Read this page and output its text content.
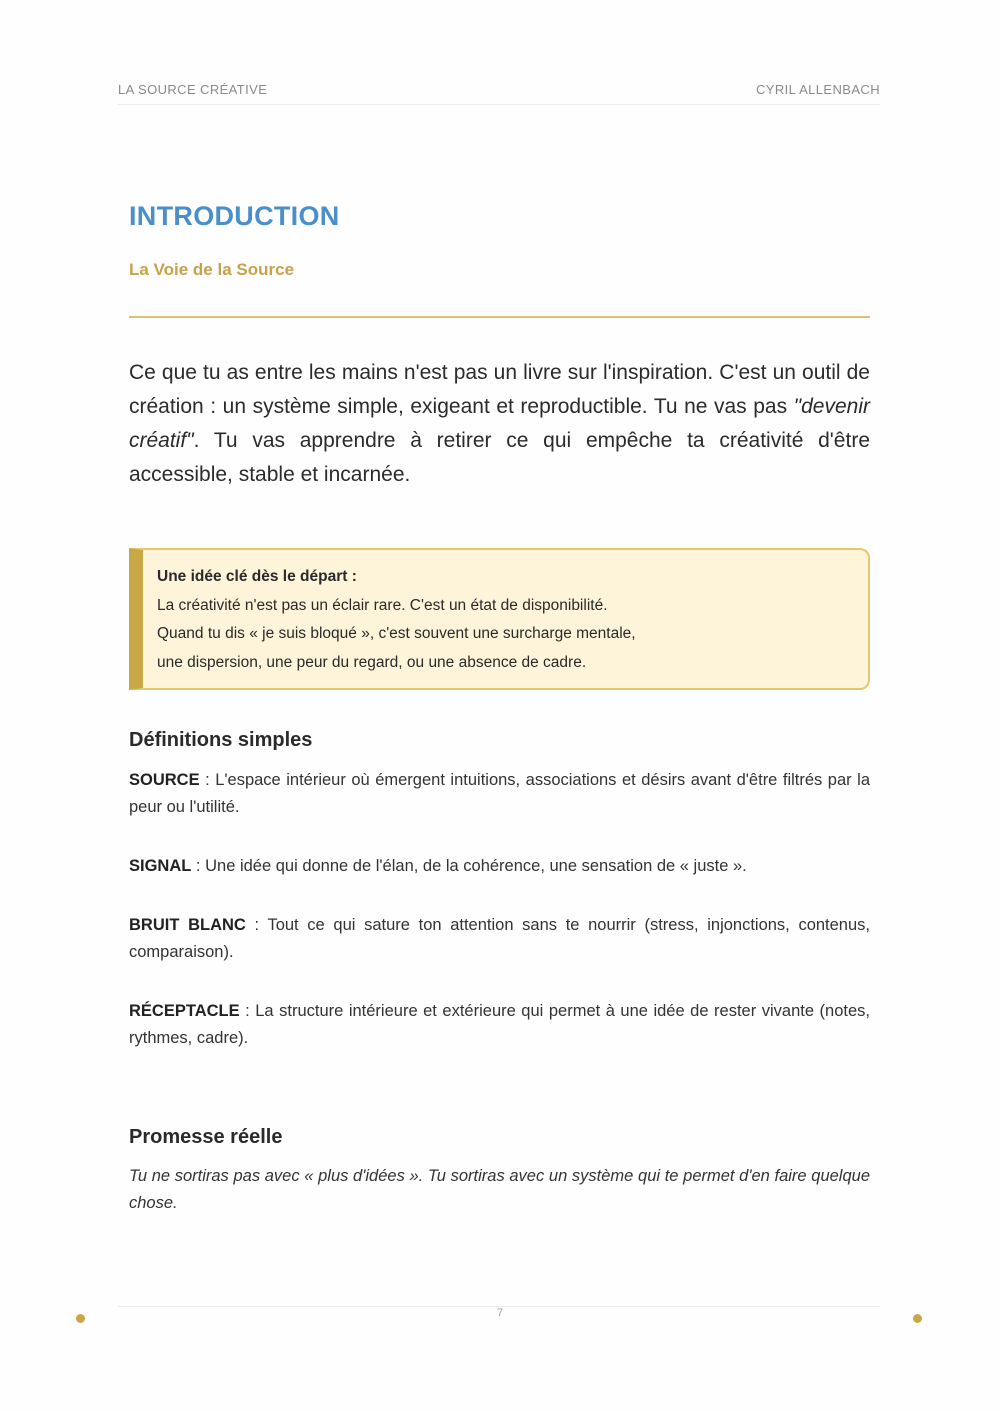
LA SOURCE CRÉATIVE	CYRIL ALLENBACH
INTRODUCTION
La Voie de la Source

Ce que tu as entre les mains n'est pas un livre sur l'inspiration. C'est un outil de création : un système simple, exigeant et reproductible. Tu ne vas pas "devenir créatif". Tu vas apprendre à retirer ce qui empêche ta créativité d'être accessible, stable et incarnée.

Une idée clé dès le départ :
La créativité n'est pas un éclair rare. C'est un état de disponibilité.
Quand tu dis « je suis bloqué », c'est souvent une surcharge mentale,
une dispersion, une peur du regard, ou une absence de cadre.
Définitions simples

SOURCE : L'espace intérieur où émergent intuitions, associations et désirs avant d'être filtrés par la peur ou l'utilité.

SIGNAL : Une idée qui donne de l'élan, de la cohérence, une sensation de « juste ».

BRUIT BLANC : Tout ce qui sature ton attention sans te nourrir (stress, injonctions, contenus, comparaison).

RÉCEPTACLE : La structure intérieure et extérieure qui permet à une idée de rester vivante (notes, rythmes, cadre).

Promesse réelle

Tu ne sortiras pas avec « plus d'idées ». Tu sortiras avec un système qui te permet d'en faire quelque chose.

7
